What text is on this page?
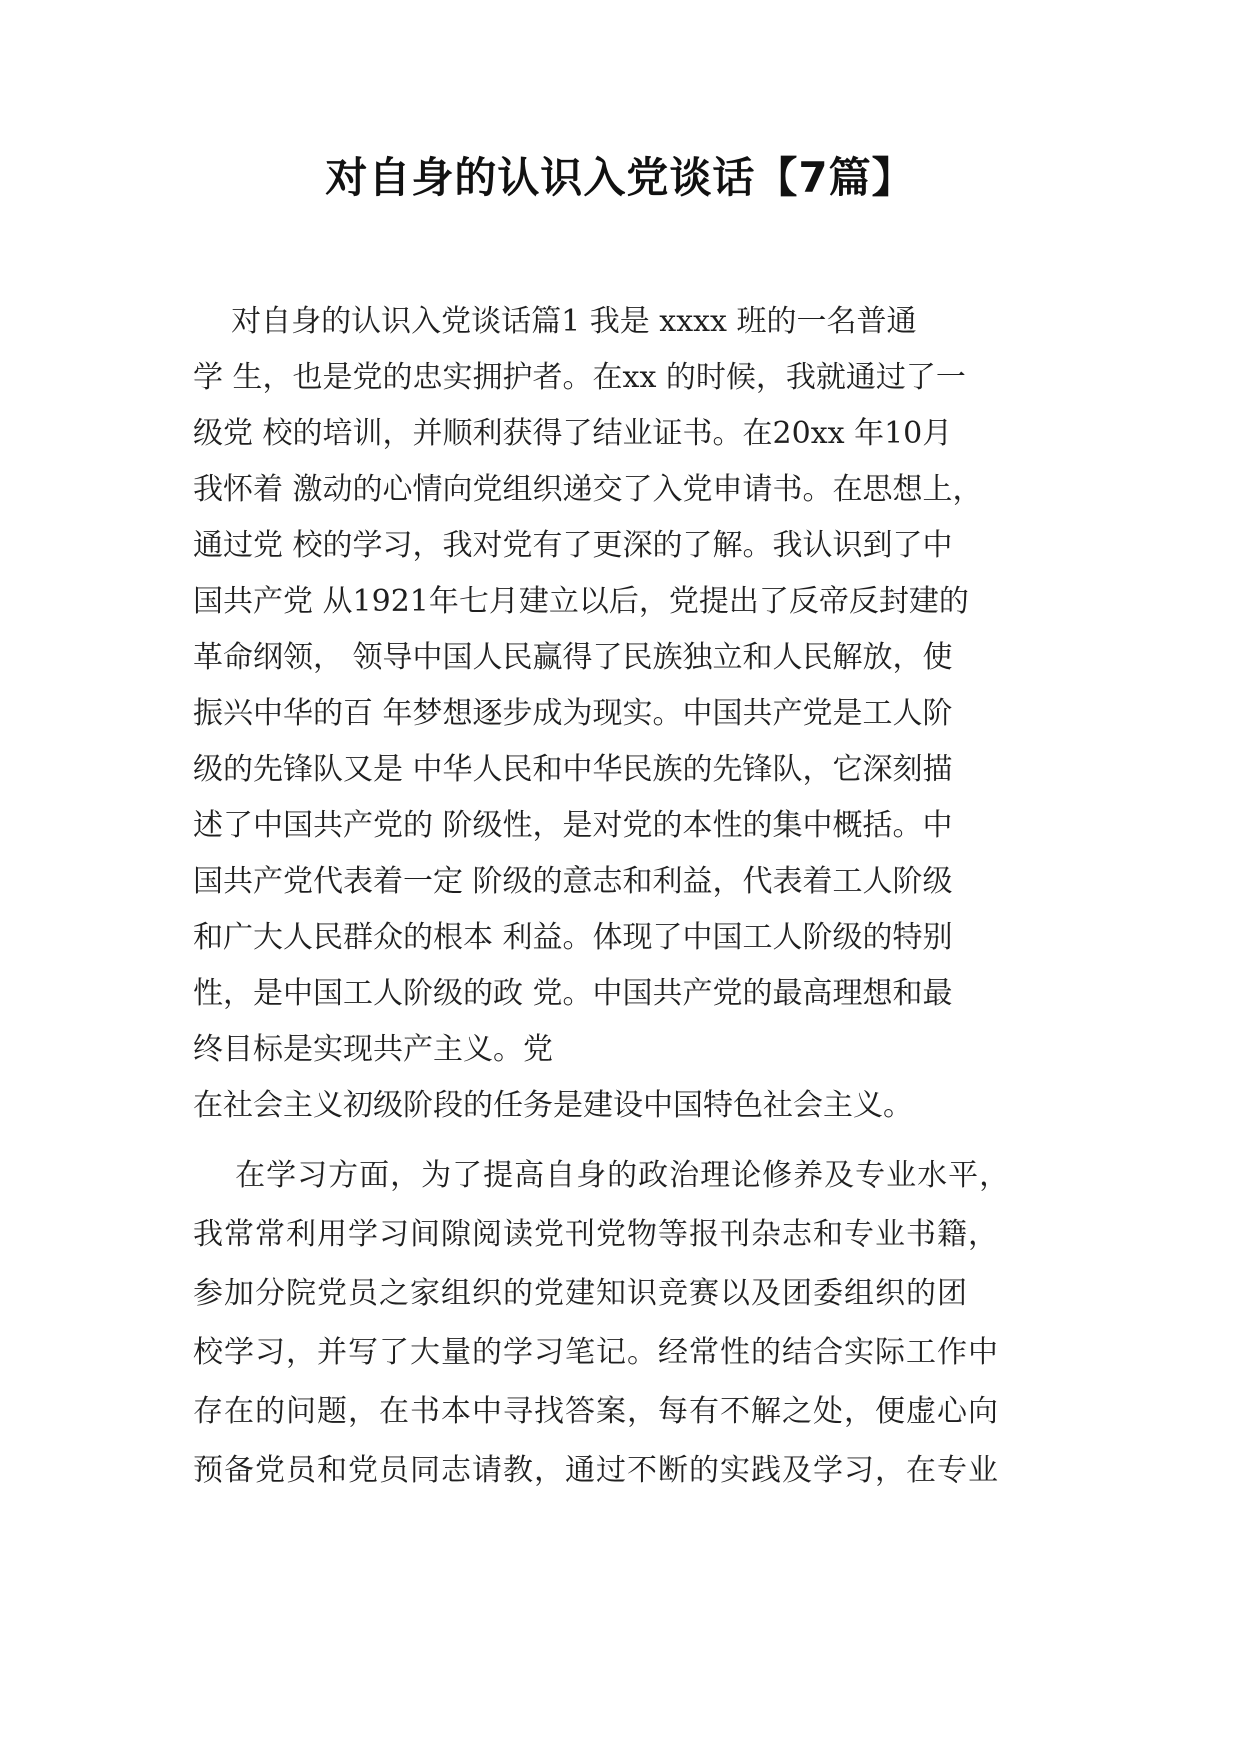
对自身的认识入党谈话【7篇】
对自身的认识入党谈话篇1 我是 xxxx 班的一名普通
学 生，也是党的忠实拥护者。在xx 的时候，我就通过了一
级党 校的培训，并顺利获得了结业证书。在20xx 年10月
我怀着 激动的心情向党组织递交了入党申请书。在思想上，
通过党 校的学习，我对党有了更深的了解。我认识到了中
国共产党 从1921年七月建立以后，党提出了反帝反封建的
革命纲领， 领导中国人民赢得了民族独立和人民解放，使
振兴中华的百 年梦想逐步成为现实。中国共产党是工人阶
级的先锋队又是 中华人民和中华民族的先锋队，它深刻描
述了中国共产党的 阶级性，是对党的本性的集中概括。中
国共产党代表着一定 阶级的意志和利益，代表着工人阶级
和广大人民群众的根本 利益。体现了中国工人阶级的特别
性，是中国工人阶级的政 党。中国共产党的最高理想和最
终目标是实现共产主义。党
在社会主义初级阶段的任务是建设中国特色社会主义。
在学习方面，为了提高自身的政治理论修养及专业水平，
我常常利用学习间隙阅读党刊党物等报刊杂志和专业书籍，
参加分院党员之家组织的党建知识竞赛以及团委组织的团
校学习，并写了大量的学习笔记。经常性的结合实际工作中
存在的问题，在书本中寻找答案，每有不解之处，便虚心向
预备党员和党员同志请教，通过不断的实践及学习，在专业
